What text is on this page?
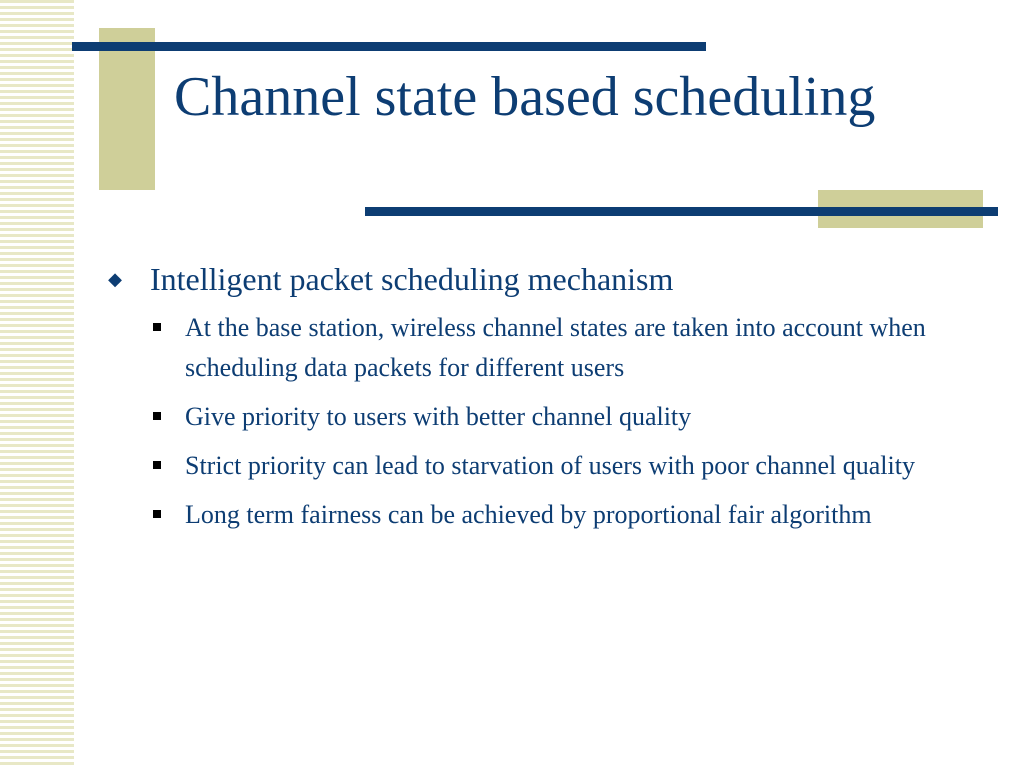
Channel state based scheduling
◆ Intelligent packet scheduling mechanism
At the base station, wireless channel states are taken into account when scheduling data packets for different users
Give priority to users with better channel quality
Strict priority can lead to starvation of users with poor channel quality
Long term fairness can be achieved by proportional fair algorithm
